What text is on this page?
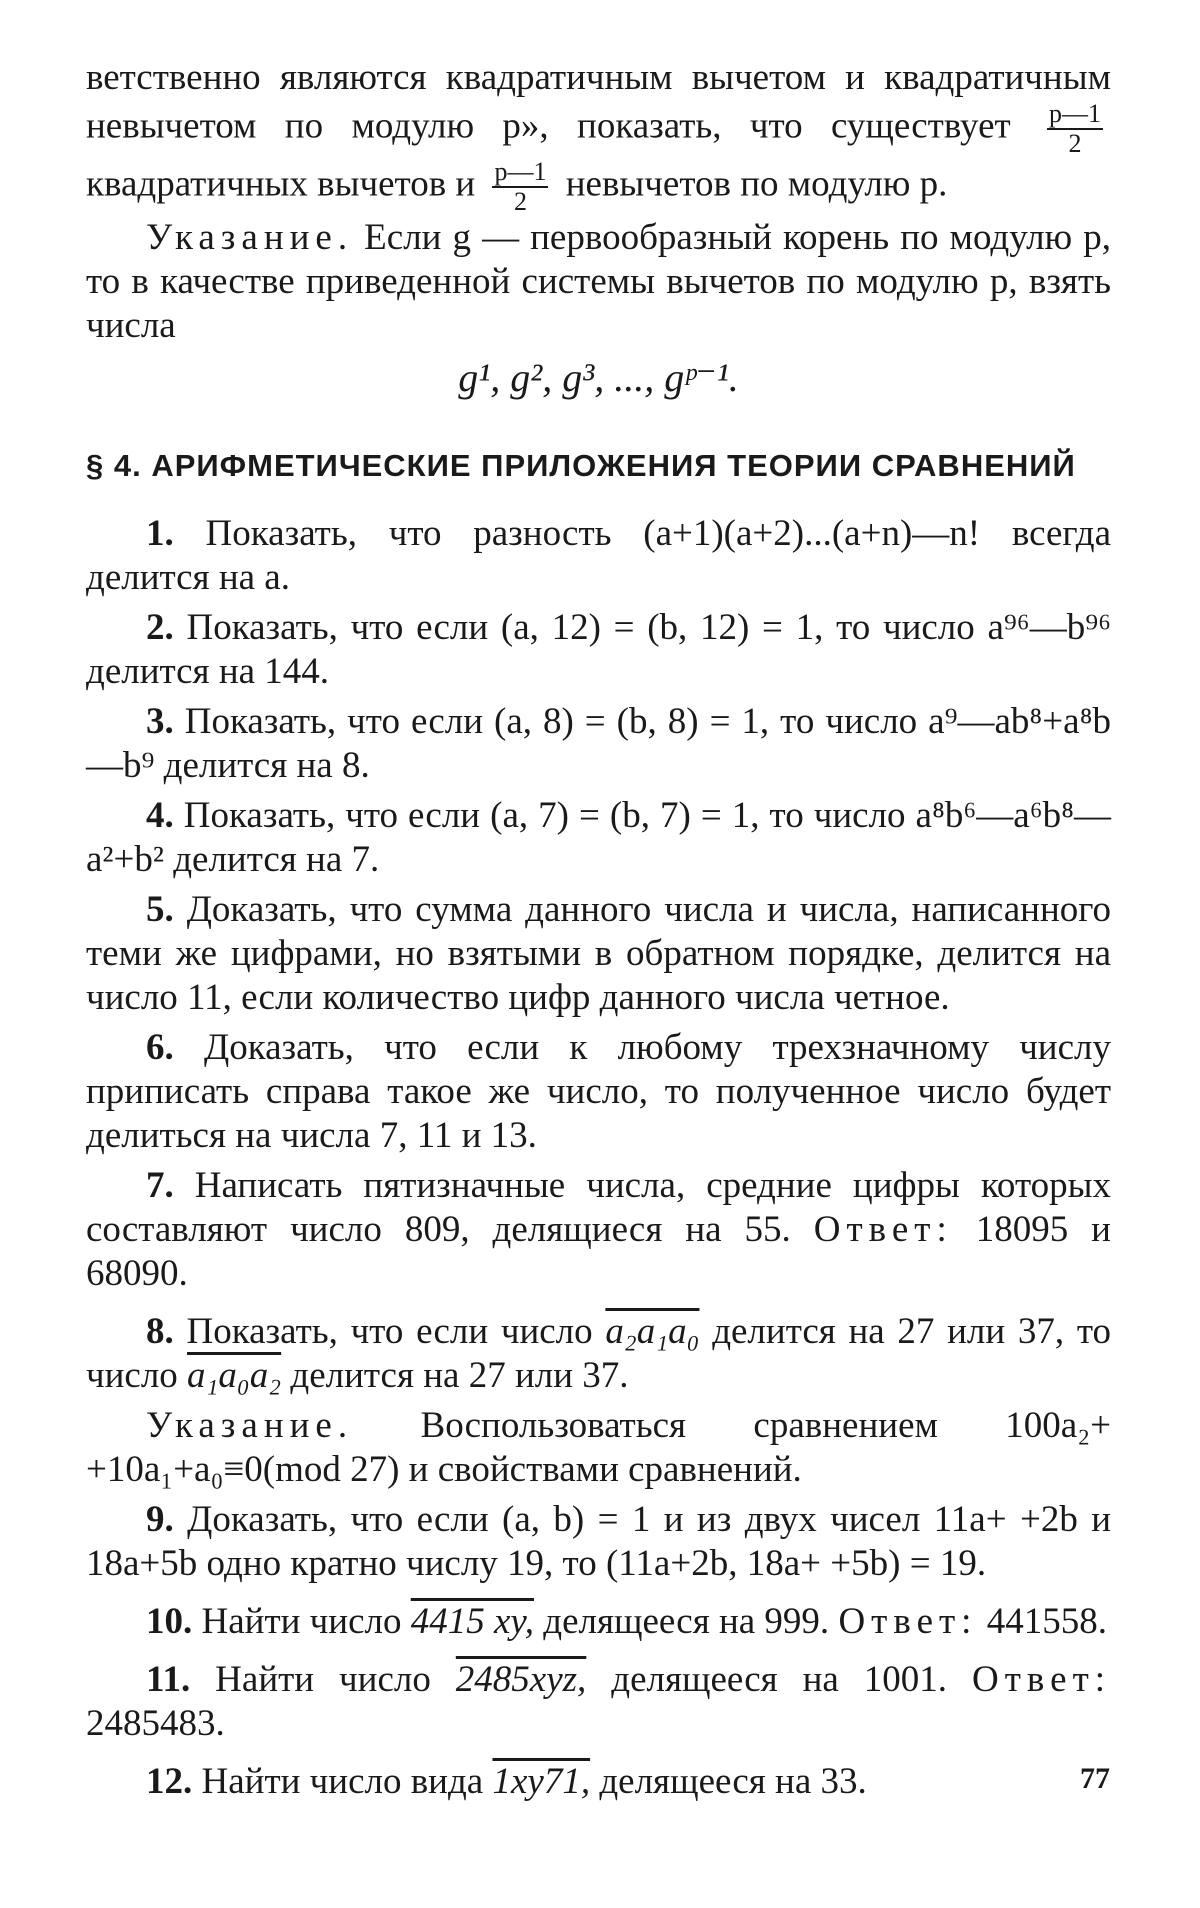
ветственно являются квадратичным вычетом и квадратичным невычетом по модулю p», показать, что существует $\frac{p—1}{2}$
квадратичных вычетов и $\frac{p—1}{2}$ невычетов по модулю p.

Указание. Если g — первообразный корень по модулю p, то в качестве приведенной системы вычетов по модулю p, взять числа

g¹, g², g³, ..., gᵖ⁻¹.
§ 4. АРИФМЕТИЧЕСКИЕ ПРИЛОЖЕНИЯ ТЕОРИИ СРАВНЕНИЙ

1. Показать, что разность (a+1)(a+2)...(a+n)—n! всегда делится на a.

2. Показать, что если (a, 12) = (b, 12) = 1, то число a⁹⁶—b⁹⁶ делится на 144.

3. Показать, что если (a, 8) = (b, 8) = 1, то число a⁹—ab⁸+a⁸b—b⁹ делится на 8.

4. Показать, что если (a, 7) = (b, 7) = 1, то число a⁸b⁶—a⁶b⁸—a²+b² делится на 7.

5. Доказать, что сумма данного числа и числа, написанного теми же цифрами, но взятыми в обратном порядке, делится на число 11, если количество цифр данного числа четное.

6. Доказать, что если к любому трехзначному числу приписать справа такое же число, то полученное число будет делиться на числа 7, 11 и 13.

7. Написать пятизначные числа, средние цифры которых составляют число 809, делящиеся на 55. Ответ: 18095 и 68090.

8. Показать, что если число a₂a₁a₀ делится на 27 или 37, то число a₁a₀a₂ делится на 27 или 37.

Указание. Воспользоваться сравнением 100a₂+ +10a₁+a₀≡0(mod 27) и свойствами сравнений.

9. Доказать, что если (a, b) = 1 и из двух чисел 11a+ +2b и 18a+5b одно кратно числу 19, то (11a+2b, 18a+ +5b) = 19.

10. Найти число 4415 xy, делящееся на 999. Ответ: 441558.

11. Найти число 2485xyz, делящееся на 1001. Ответ: 2485483.

12. Найти число вида 1xy71, делящееся на 33.	77
